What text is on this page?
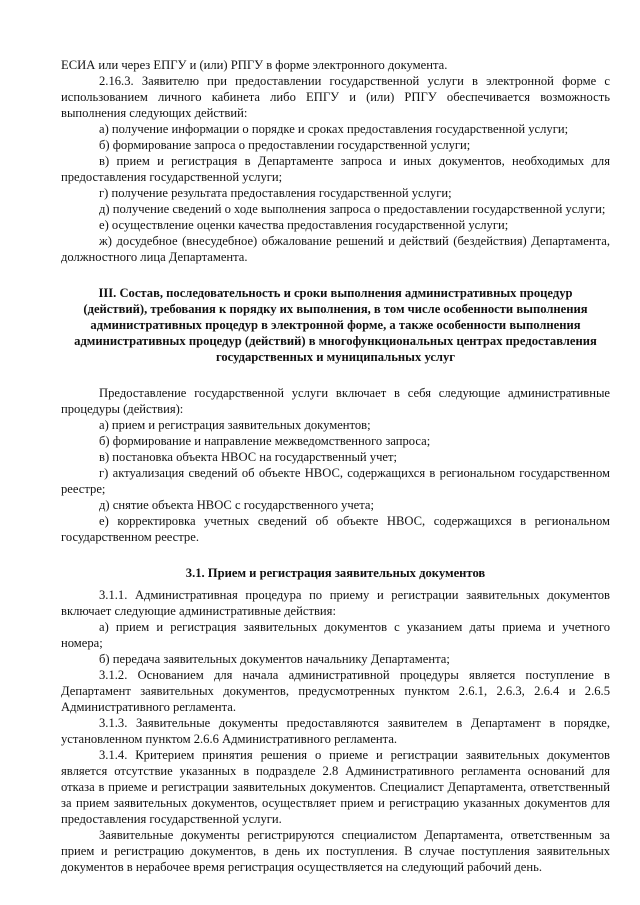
ЕСИА или через ЕПГУ и (или) РПГУ в форме электронного документа.

2.16.3. Заявителю при предоставлении государственной услуги в электронной форме с использованием личного кабинета либо ЕПГУ и (или) РПГУ обеспечивается возможность выполнения следующих действий:

а) получение информации о порядке и сроках предоставления государственной услуги;

б) формирование запроса о предоставлении государственной услуги;

в) прием и регистрация в Департаменте запроса и иных документов, необходимых для предоставления государственной услуги;

г) получение результата предоставления государственной услуги;

д) получение сведений о ходе выполнения запроса о предоставлении государственной услуги;

е) осуществление оценки качества предоставления государственной услуги;

ж) досудебное (внесудебное) обжалование решений и действий (бездействия) Департамента, должностного лица Департамента.

III. Состав, последовательность и сроки выполнения административных процедур (действий), требования к порядку их выполнения, в том числе особенности выполнения административных процедур в электронной форме, а также особенности выполнения административных процедур (действий) в многофункциональных центрах предоставления государственных и муниципальных услуг

Предоставление государственной услуги включает в себя следующие административные процедуры (действия):

а) прием и регистрация заявительных документов;

б) формирование и направление межведомственного запроса;

в) постановка объекта НВОС на государственный учет;

г) актуализация сведений об объекте НВОС, содержащихся в региональном государственном реестре;

д) снятие объекта НВОС с государственного учета;

е) корректировка учетных сведений об объекте НВОС, содержащихся в региональном государственном реестре.

3.1. Прием и регистрация заявительных документов

3.1.1. Административная процедура по приему и регистрации заявительных документов включает следующие административные действия:

а) прием и регистрация заявительных документов с указанием даты приема и учетного номера;

б) передача заявительных документов начальнику Департамента;

3.1.2. Основанием для начала административной процедуры является поступление в Департамент заявительных документов, предусмотренных пунктом 2.6.1, 2.6.3, 2.6.4 и 2.6.5 Административного регламента.

3.1.3. Заявительные документы предоставляются заявителем в Департамент в порядке, установленном пунктом 2.6.6 Административного регламента.

3.1.4. Критерием принятия решения о приеме и регистрации заявительных документов является отсутствие указанных в подразделе 2.8 Административного регламента оснований для отказа в приеме и регистрации заявительных документов. Специалист Департамента, ответственный за прием заявительных документов, осуществляет прием и регистрацию указанных документов для предоставления государственной услуги.

Заявительные документы регистрируются специалистом Департамента, ответственным за прием и регистрацию документов, в день их поступления. В случае поступления заявительных документов в нерабочее время регистрация осуществляется на следующий рабочий день.
